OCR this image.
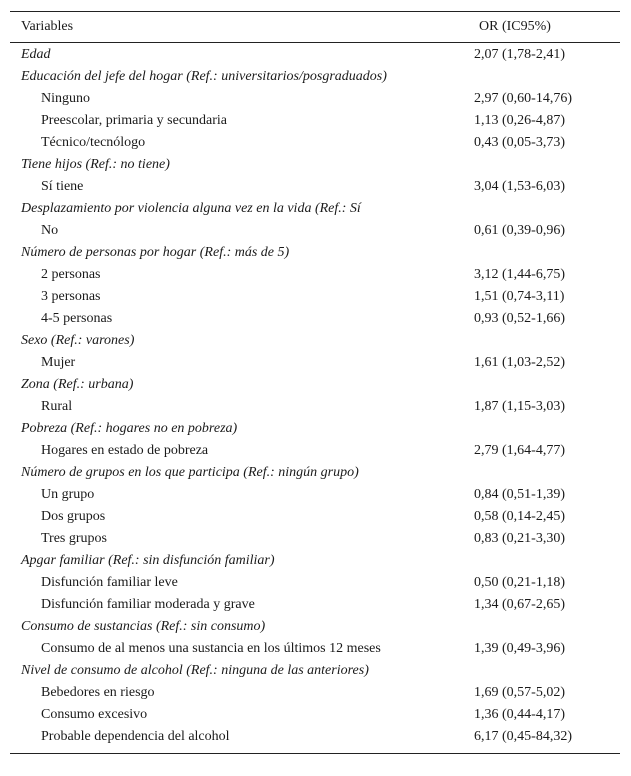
Variables	OR (IC95%)
Edad	2,07 (1,78-2,41)
Educación del jefe del hogar (Ref.: universitarios/posgraduados)
Ninguno	2,97 (0,60-14,76)
Preescolar, primaria y secundaria	1,13 (0,26-4,87)
Técnico/tecnólogo	0,43 (0,05-3,73)
Tiene hijos (Ref.: no tiene)
Sí tiene	3,04 (1,53-6,03)
Desplazamiento por violencia alguna vez en la vida (Ref.: Sí
No	0,61 (0,39-0,96)
Número de personas por hogar (Ref.: más de 5)
2 personas	3,12 (1,44-6,75)
3 personas	1,51 (0,74-3,11)
4-5 personas	0,93 (0,52-1,66)
Sexo (Ref.: varones)
Mujer	1,61 (1,03-2,52)
Zona (Ref.: urbana)
Rural	1,87 (1,15-3,03)
Pobreza (Ref.: hogares no en pobreza)
Hogares en estado de pobreza	2,79 (1,64-4,77)
Número de grupos en los que participa (Ref.: ningún grupo)
Un grupo	0,84 (0,51-1,39)
Dos grupos	0,58 (0,14-2,45)
Tres grupos	0,83 (0,21-3,30)
Apgar familiar (Ref.: sin disfunción familiar)
Disfunción familiar leve	0,50 (0,21-1,18)
Disfunción familiar moderada y grave	1,34 (0,67-2,65)
Consumo de sustancias (Ref.: sin consumo)
Consumo de al menos una sustancia en los últimos 12 meses	1,39 (0,49-3,96)
Nivel de consumo de alcohol (Ref.: ninguna de las anteriores)
Bebedores en riesgo	1,69 (0,57-5,02)
Consumo excesivo	1,36 (0,44-4,17)
Probable dependencia del alcohol	6,17 (0,45-84,32)
